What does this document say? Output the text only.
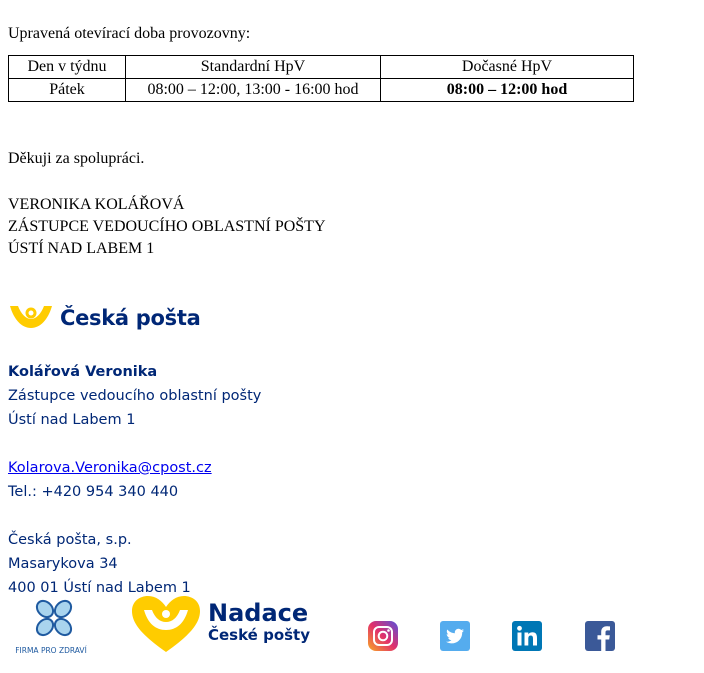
Upravená otevírací doba provozovny:
Den v týdnu	Standardní HpV	Dočasné HpV
Pátek	08:00 – 12:00, 13:00 - 16:00 hod	08:00 – 12:00 hod
Děkuji za spolupráci.
VERONIKA KOLÁŘOVÁ
ZÁSTUPCE VEDOUCÍHO OBLASTNÍ POŠTY
ÚSTÍ NAD LABEM 1
Česká pošta
Kolářová Veronika
Zástupce vedoucího oblastní pošty
Ústí nad Labem 1
Kolarova.Veronika@cpost.cz
Tel.: +420 954 340 440
Česká pošta, s.p.
Masarykova 34
400 01 Ústí nad Labem 1
FIRMA PRO ZDRAVÍ
Nadace
České pošty
